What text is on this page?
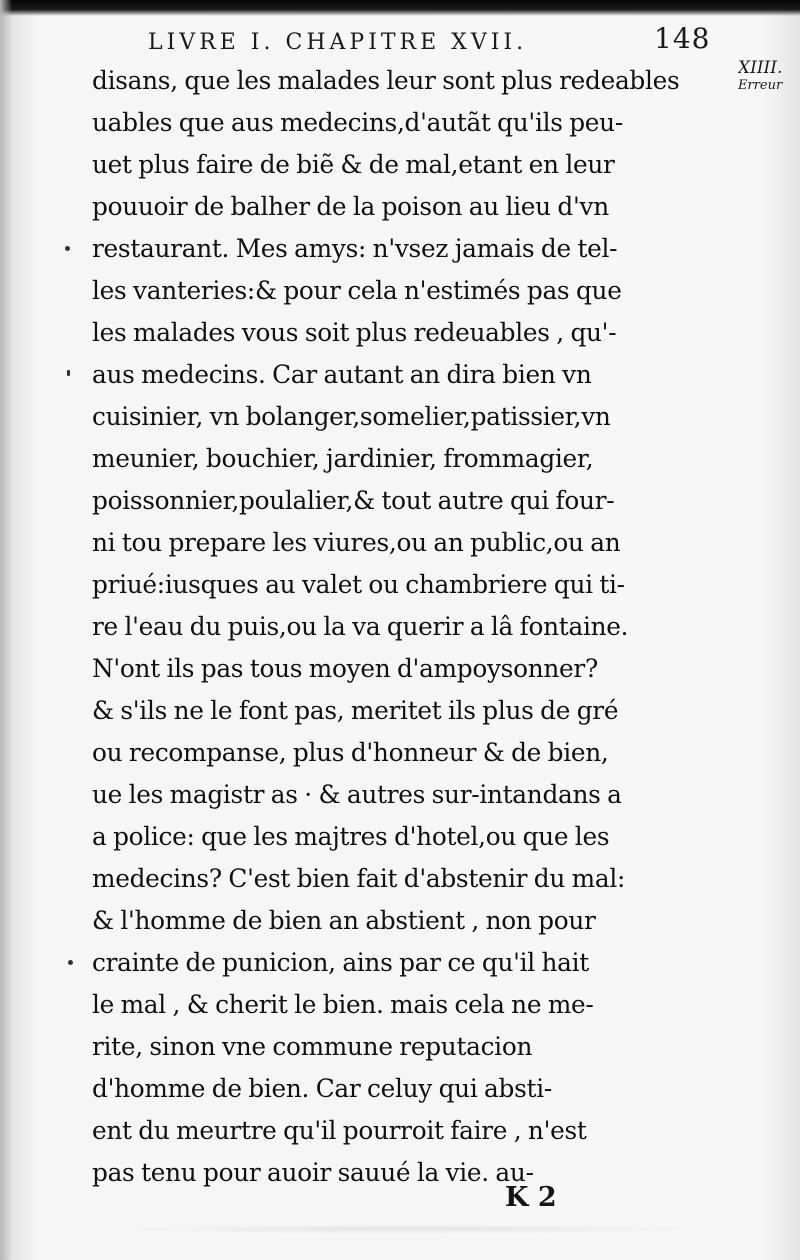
LIVRE I. CHAPITRE XVII.	148
XIIII.
Erreur
disans, que les malades leur sont plus redeables
uables que aus medecins,d'autãt qu'ils peu-
uet plus faire de biẽ & de mal,etant en leur
pouuoir de balher de la poison au lieu d'vn
restaurant. Mes amys: n'vsez jamais de tel-
les vanteries:& pour cela n'estimés pas que
les malades vous soit plus redeuables , qu'-
aus medecins. Car autant an dira bien vn
cuisinier, vn bolanger,somelier,patissier,vn
meunier, bouchier, jardinier, frommagier,
poissonnier,poulalier,& tout autre qui four-
ni tou prepare les viures,ou an public,ou an
priué:iusques au valet ou chambriere qui ti-
re l'eau du puis,ou la va querir a lâ fontaine.
N'ont ils pas tous moyen d'ampoysonner?
& s'ils ne le font pas, meritet ils plus de gré
ou recompanse, plus d'honneur & de bien,
ue les magistr as · & autres sur-intandans a
a police: que les majtres d'hotel,ou que les
medecins? C'est bien fait d'abstenir du mal:
& l'homme de bien an abstient , non pour
crainte de punicion, ains par ce qu'il hait
le mal , & cherit le bien. mais cela ne me-
rite, sinon vne commune reputacion
d'homme de bien. Car celuy qui absti-
ent du meurtre qu'il pourroit faire , n'est
pas tenu pour auoir sauué la vie. au-
K 2
